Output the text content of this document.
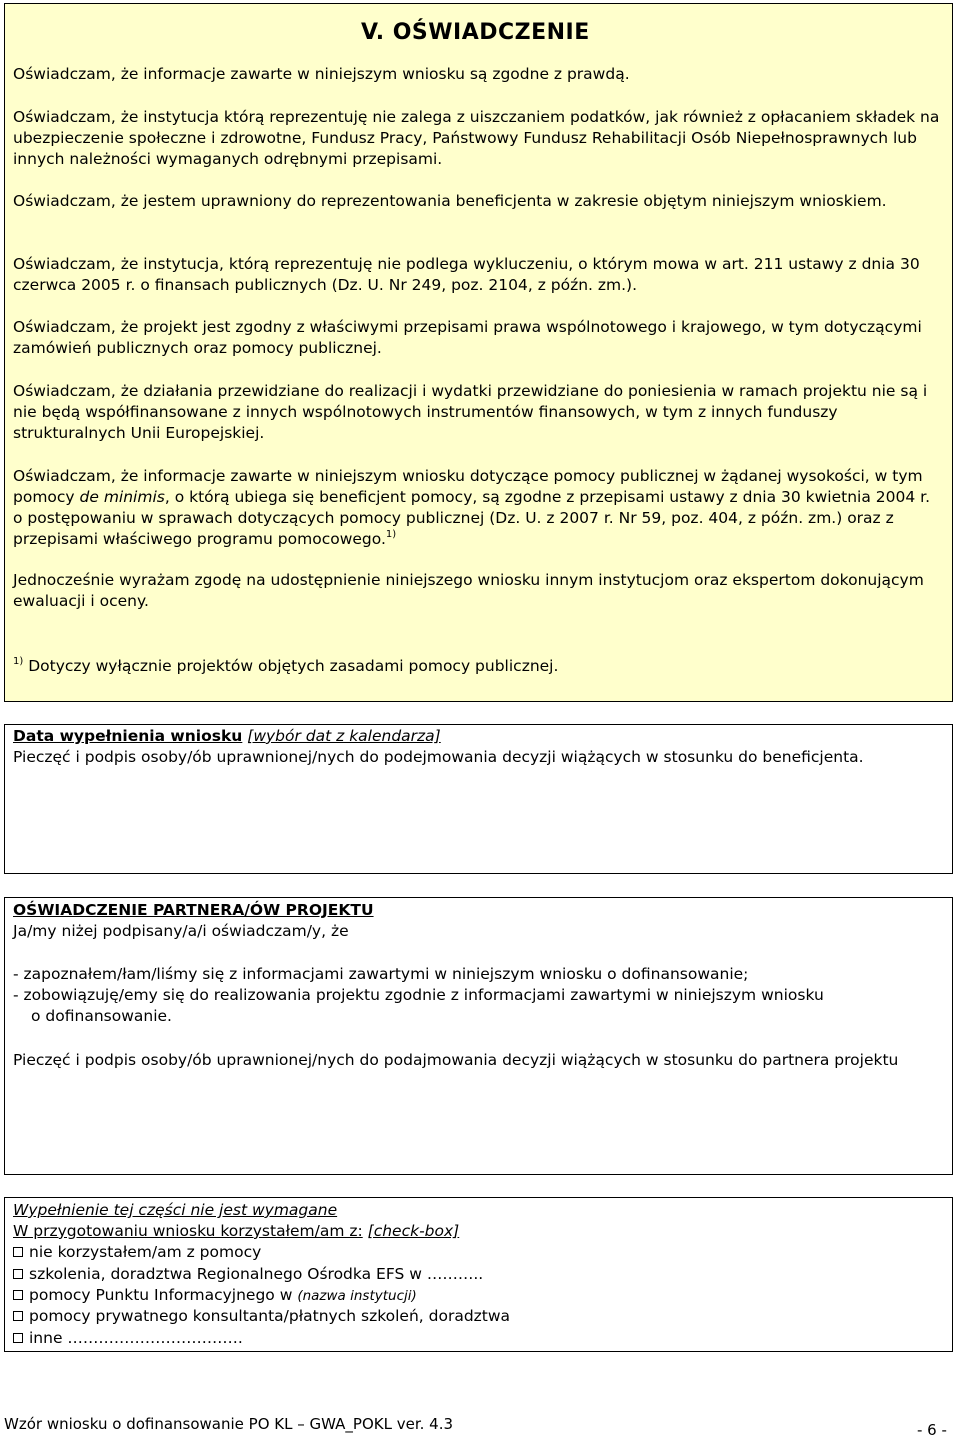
V. OŚWIADCZENIE

Oświadczam, że informacje zawarte w niniejszym wniosku są zgodne z prawdą.

Oświadczam, że instytucja którą reprezentuję nie zalega z uiszczaniem podatków, jak również z opłacaniem składek na ubezpieczenie społeczne i zdrowotne, Fundusz Pracy, Państwowy Fundusz Rehabilitacji Osób Niepełnosprawnych lub innych należności wymaganych odrębnymi przepisami.

Oświadczam, że jestem uprawniony do reprezentowania beneficjenta w zakresie objętym niniejszym wnioskiem.

Oświadczam, że instytucja, którą reprezentuję nie podlega wykluczeniu, o którym mowa w art. 211 ustawy z dnia 30 czerwca 2005 r. o finansach publicznych (Dz. U. Nr 249, poz. 2104, z późn. zm.).

Oświadczam, że projekt jest zgodny z właściwymi przepisami prawa wspólnotowego i krajowego, w tym dotyczącymi zamówień publicznych oraz pomocy publicznej.

Oświadczam, że działania przewidziane do realizacji i wydatki przewidziane do poniesienia w ramach projektu nie są i nie będą współfinansowane z innych wspólnotowych instrumentów finansowych, w tym z innych funduszy strukturalnych Unii Europejskiej.

Oświadczam, że informacje zawarte w niniejszym wniosku dotyczące pomocy publicznej w żądanej wysokości, w tym pomocy de minimis, o którą ubiega się beneficjent pomocy, są zgodne z przepisami ustawy z dnia 30 kwietnia 2004 r. o postępowaniu w sprawach dotyczących pomocy publicznej (Dz. U. z 2007 r. Nr 59, poz. 404, z późn. zm.) oraz z przepisami właściwego programu pomocowego.$^{1)}$

Jednocześnie wyrażam zgodę na udostępnienie niniejszego wniosku innym instytucjom oraz ekspertom dokonującym ewaluacji i oceny.

$^{1)}$ Dotyczy wyłącznie projektów objętych zasadami pomocy publicznej.

Data wypełnienia wniosku [wybór dat z kalendarza]

Pieczęć i podpis osoby/ób uprawnionej/nych do podejmowania decyzji wiążących w stosunku do beneficjenta.

OŚWIADCZENIE PARTNERA/ÓW PROJEKTU

Ja/my niżej podpisany/a/i oświadczam/y, że

- zapoznałem/łam/liśmy się z informacjami zawartymi w niniejszym wniosku o dofinansowanie;

- zobowiązuję/emy się do realizowania projektu zgodnie z informacjami zawartymi w niniejszym wniosku

o dofinansowanie.

Pieczęć i podpis osoby/ób uprawnionej/nych do podajmowania decyzji wiążących w stosunku do partnera projektu

Wypełnienie tej części nie jest wymagane

W przygotowaniu wniosku korzystałem/am z: [check-box]

nie korzystałem/am z pomocy

szkolenia, doradztwa Regionalnego Ośrodka EFS w ………..

pomocy Punktu Informacyjnego w (nazwa instytucji)

pomocy prywatnego konsultanta/płatnych szkoleń, doradztwa

inne …………………………….

Wzór wniosku o dofinansowanie PO KL – GWA_POKL ver. 4.3	- 6 -
